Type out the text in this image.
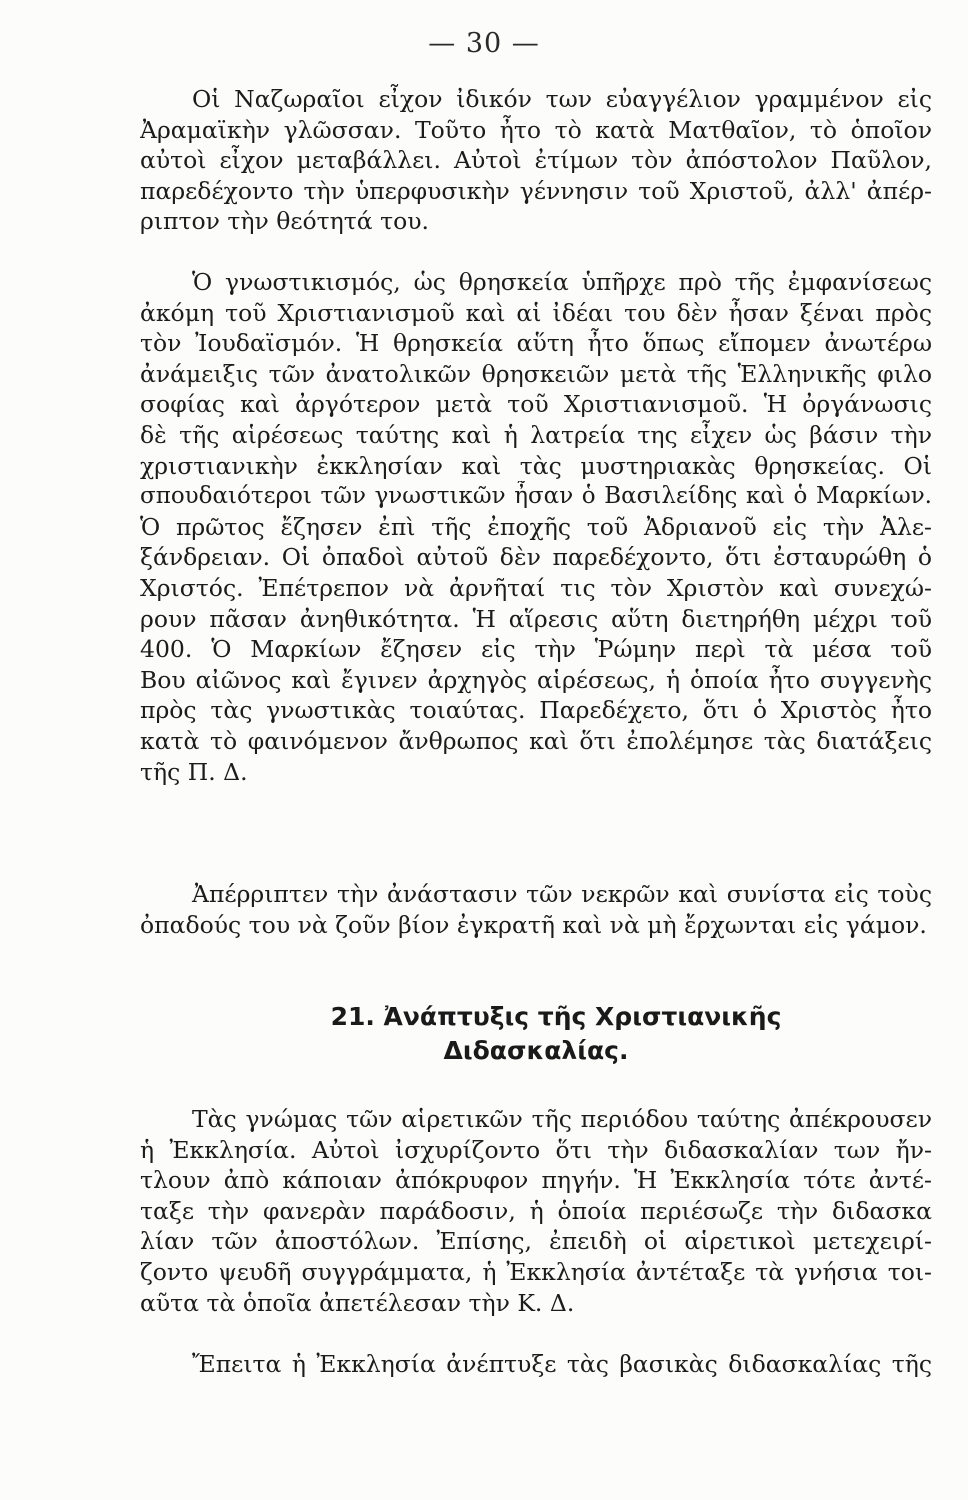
— 30 —
Οἱ Ναζωραῖοι εἶχον ἰδικόν των εὐαγγέλιον γραμμένον εἰς
Ἀραμαϊκὴν γλῶσσαν. Τοῦτο ἦτο τὸ κατὰ Ματθαῖον, τὸ ὁποῖον
αὐτοὶ εἶχον μεταβάλλει. Αὐτοὶ ἐτίμων τὸν ἀπόστολον Παῦλον,
παρεδέχοντο τὴν ὑπερφυσικὴν γέννησιν τοῦ Χριστοῦ, ἀλλ' ἀπέρ-
ριπτον τὴν θεότητά του.
Ὁ γνωστικισμός, ὡς θρησκεία ὑπῆρχε πρὸ τῆς ἐμφανίσεως
ἀκόμη τοῦ Χριστιανισμοῦ καὶ αἱ ἰδέαι του δὲν ἦσαν ξέναι πρὸς
τὸν Ἰουδαϊσμόν. Ἡ θρησκεία αὕτη ἦτο ὅπως εἴπομεν ἀνωτέρω
ἀνάμειξις τῶν ἀνατολικῶν θρησκειῶν μετὰ τῆς Ἑλληνικῆς φιλο
σοφίας καὶ ἀργότερον μετὰ τοῦ Χριστιανισμοῦ. Ἡ ὀργάνωσις
δὲ τῆς αἱρέσεως ταύτης καὶ ἡ λατρεία της εἶχεν ὡς βάσιν τὴν
χριστιανικὴν ἐκκλησίαν καὶ τὰς μυστηριακὰς θρησκείας. Οἱ
σπουδαιότεροι τῶν γνωστικῶν ἦσαν ὁ Βασιλείδης καὶ ὁ Μαρκίων.
Ὁ πρῶτος ἔζησεν ἐπὶ τῆς ἐποχῆς τοῦ Ἀδριανοῦ εἰς τὴν Ἀλε-
ξάνδρειαν. Οἱ ὀπαδοὶ αὐτοῦ δὲν παρεδέχοντο, ὅτι ἐσταυρώθη ὁ
Χριστός. Ἐπέτρεπον νὰ ἀρνῆταί τις τὸν Χριστὸν καὶ συνεχώ-
ρουν πᾶσαν ἀνηθικότητα. Ἡ αἵρεσις αὕτη διετηρήθη μέχρι τοῦ
400. Ὁ Μαρκίων ἔζησεν εἰς τὴν Ῥώμην περὶ τὰ μέσα τοῦ
Βου αἰῶνος καὶ ἔγινεν ἀρχηγὸς αἱρέσεως, ἡ ὁποία ἦτο συγγενὴς
πρὸς τὰς γνωστικὰς τοιαύτας. Παρεδέχετο, ὅτι ὁ Χριστὸς ἦτο
κατὰ τὸ φαινόμενον ἄνθρωπος καὶ ὅτι ἐπολέμησε τὰς διατάξεις
τῆς Π. Δ.
Ἀπέρριπτεν τὴν ἀνάστασιν τῶν νεκρῶν καὶ συνίστα εἰς τοὺς
ὀπαδούς του νὰ ζοῦν βίον ἐγκρατῆ καὶ νὰ μὴ ἔρχωνται εἰς γάμον.
21. Ἀνάπτυξις τῆς Χριστιανικῆς
Διδασκαλίας.
Τὰς γνώμας τῶν αἱρετικῶν τῆς περιόδου ταύτης ἀπέκρουσεν
ἡ Ἐκκλησία. Αὐτοὶ ἰσχυρίζοντο ὅτι τὴν διδασκαλίαν των ἤν-
τλουν ἀπὸ κάποιαν ἀπόκρυφον πηγήν. Ἡ Ἐκκλησία τότε ἀντέ-
ταξε τὴν φανερὰν παράδοσιν, ἡ ὁποία περιέσωζε τὴν διδασκα
λίαν τῶν ἀποστόλων. Ἐπίσης, ἐπειδὴ οἱ αἱρετικοὶ μετεχειρί-
ζοντο ψευδῆ συγγράμματα, ἡ Ἐκκλησία ἀντέταξε τὰ γνήσια τοι-
αῦτα τὰ ὁποῖα ἀπετέλεσαν τὴν Κ. Δ.
Ἔπειτα ἡ Ἐκκλησία ἀνέπτυξε τὰς βασικὰς διδασκαλίας τῆς
